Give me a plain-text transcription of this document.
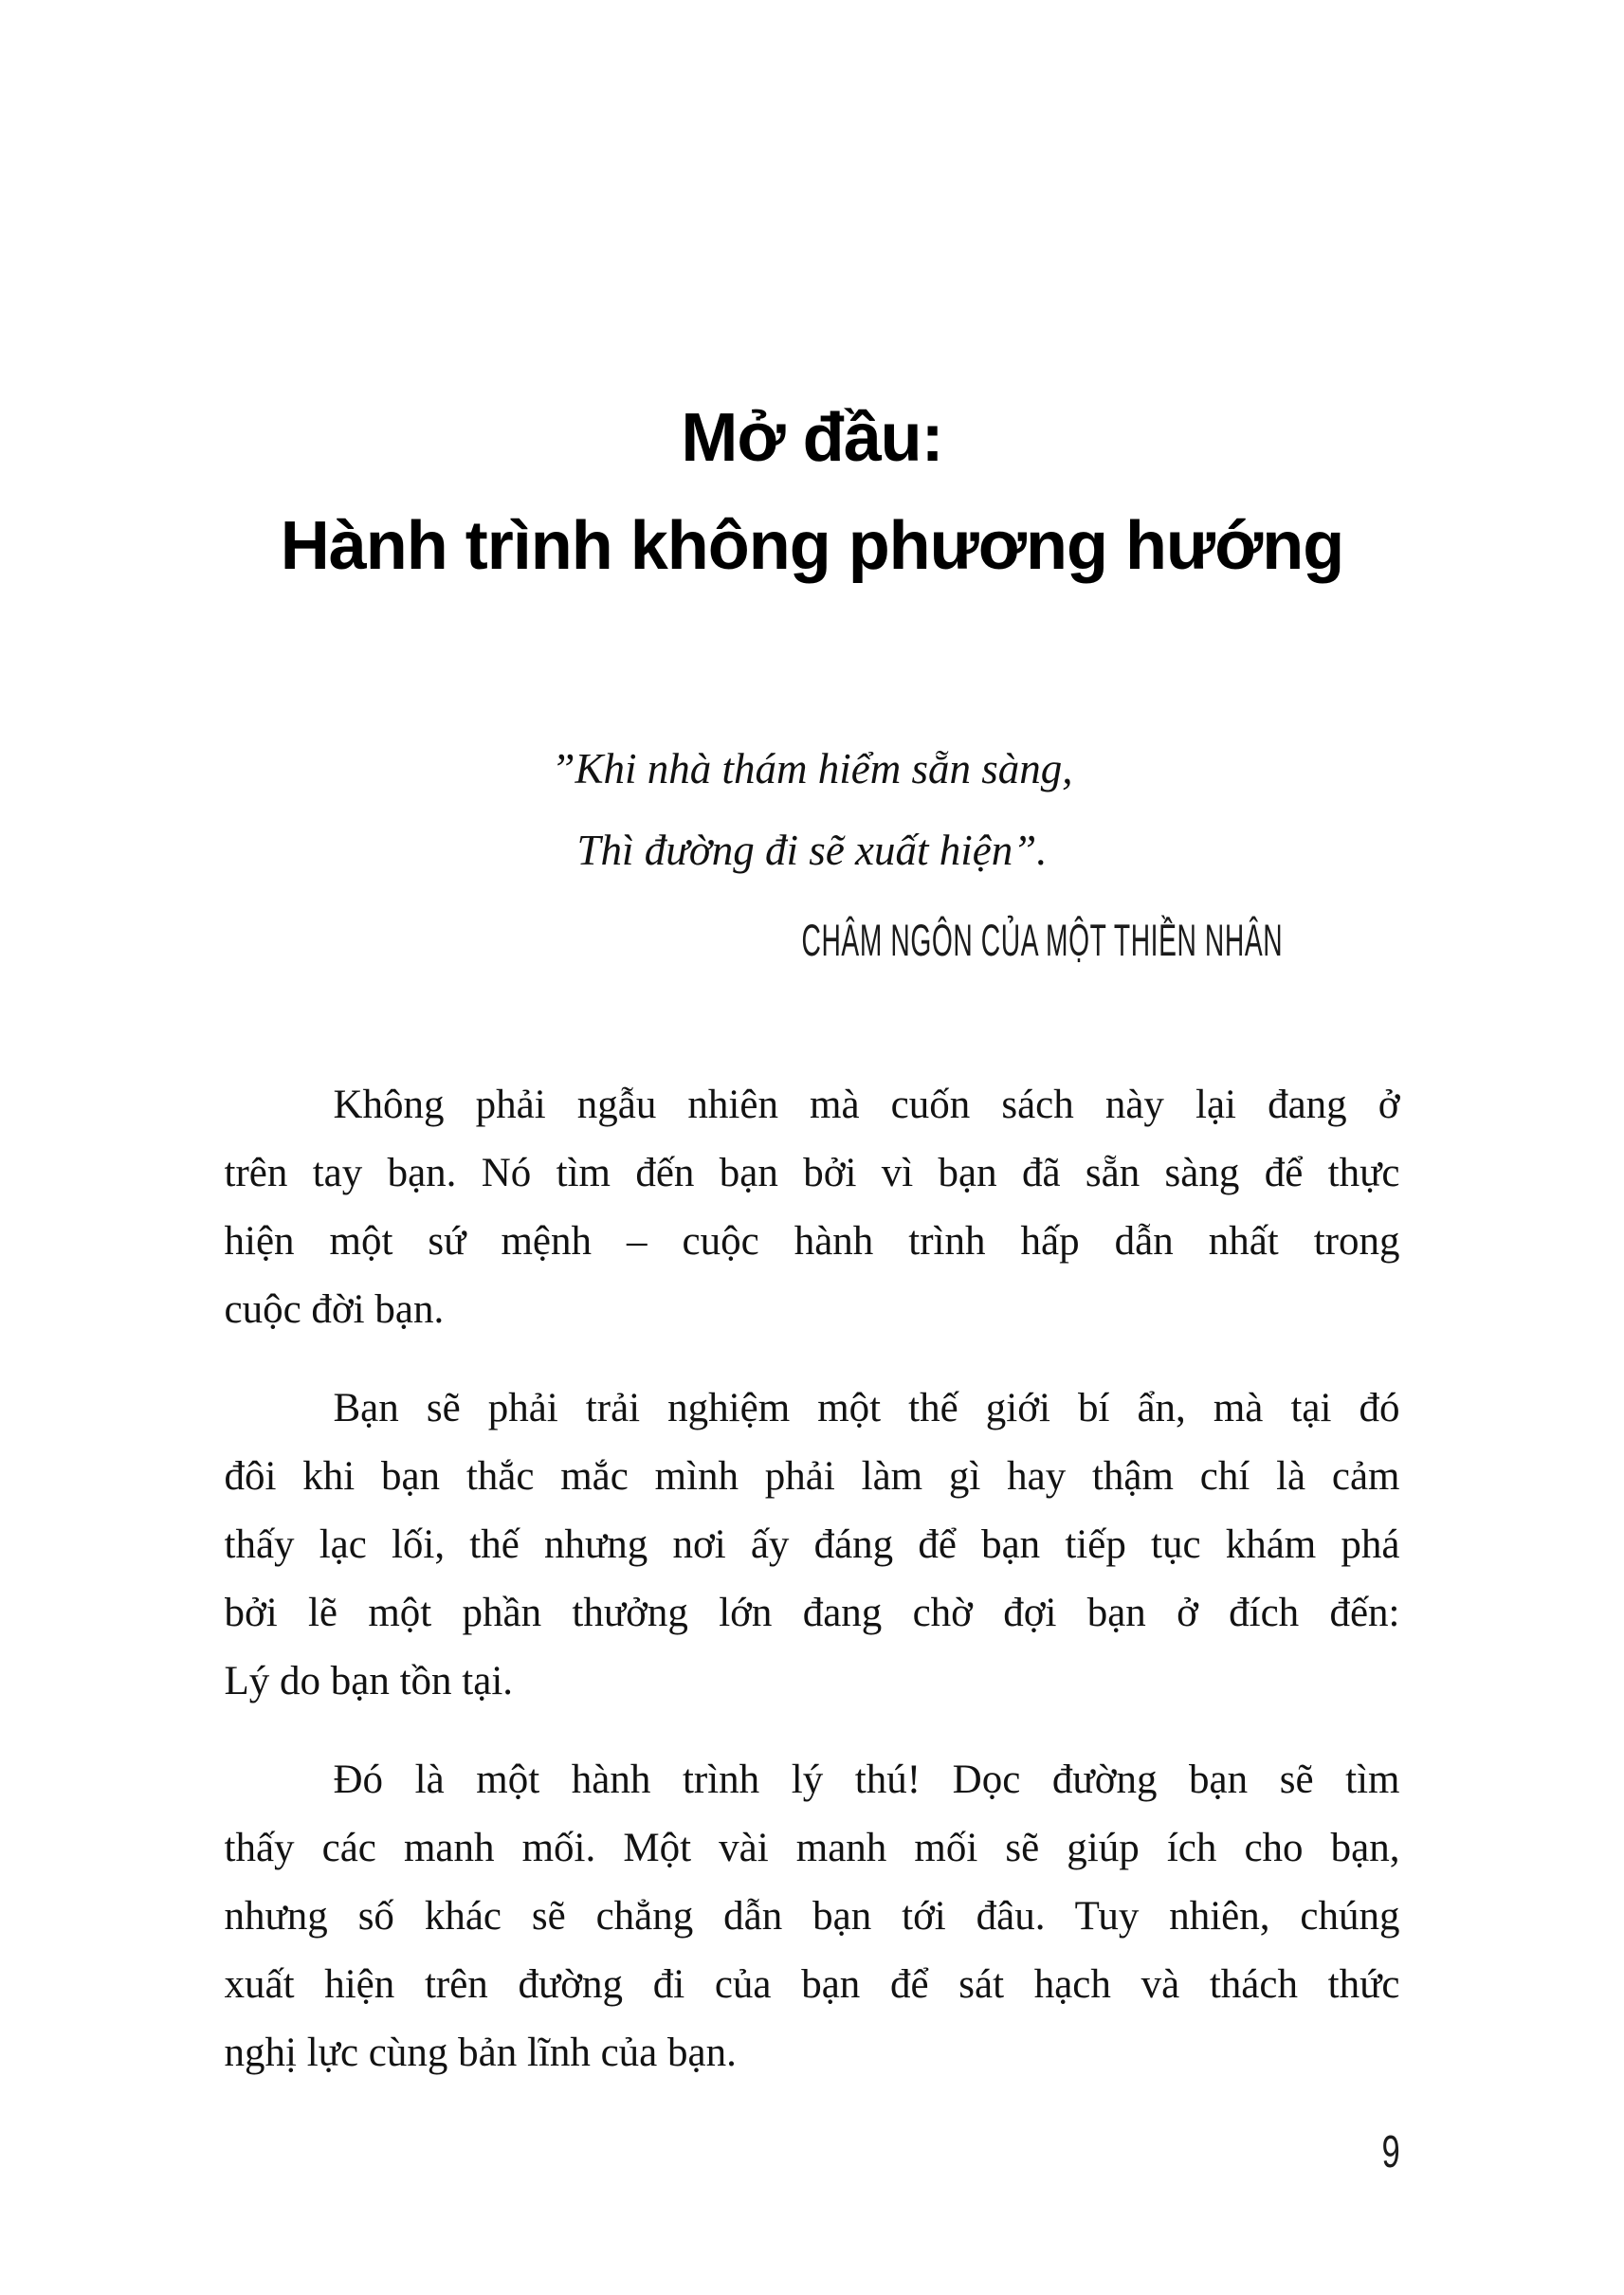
Mở đầu:
Hành trình không phương hướng
”Khi nhà thám hiểm sẵn sàng,
Thì đường đi sẽ xuất hiện”.
CHÂM NGÔN CỦA MỘT THIỀN NHÂN
Không phải ngẫu nhiên mà cuốn sách này lại đang ở
trên tay bạn. Nó tìm đến bạn bởi vì bạn đã sẵn sàng để thực
hiện một sứ mệnh – cuộc hành trình hấp dẫn nhất trong
cuộc đời bạn.
Bạn sẽ phải trải nghiệm một thế giới bí ẩn, mà tại đó
đôi khi bạn thắc mắc mình phải làm gì hay thậm chí là cảm
thấy lạc lối, thế nhưng nơi ấy đáng để bạn tiếp tục khám phá
bởi lẽ một phần thưởng lớn đang chờ đợi bạn ở đích đến:
Lý do bạn tồn tại.
Đó là một hành trình lý thú! Dọc đường bạn sẽ tìm
thấy các manh mối. Một vài manh mối sẽ giúp ích cho bạn,
nhưng số khác sẽ chẳng dẫn bạn tới đâu. Tuy nhiên, chúng
xuất hiện trên đường đi của bạn để sát hạch và thách thức
nghị lực cùng bản lĩnh của bạn.
9
